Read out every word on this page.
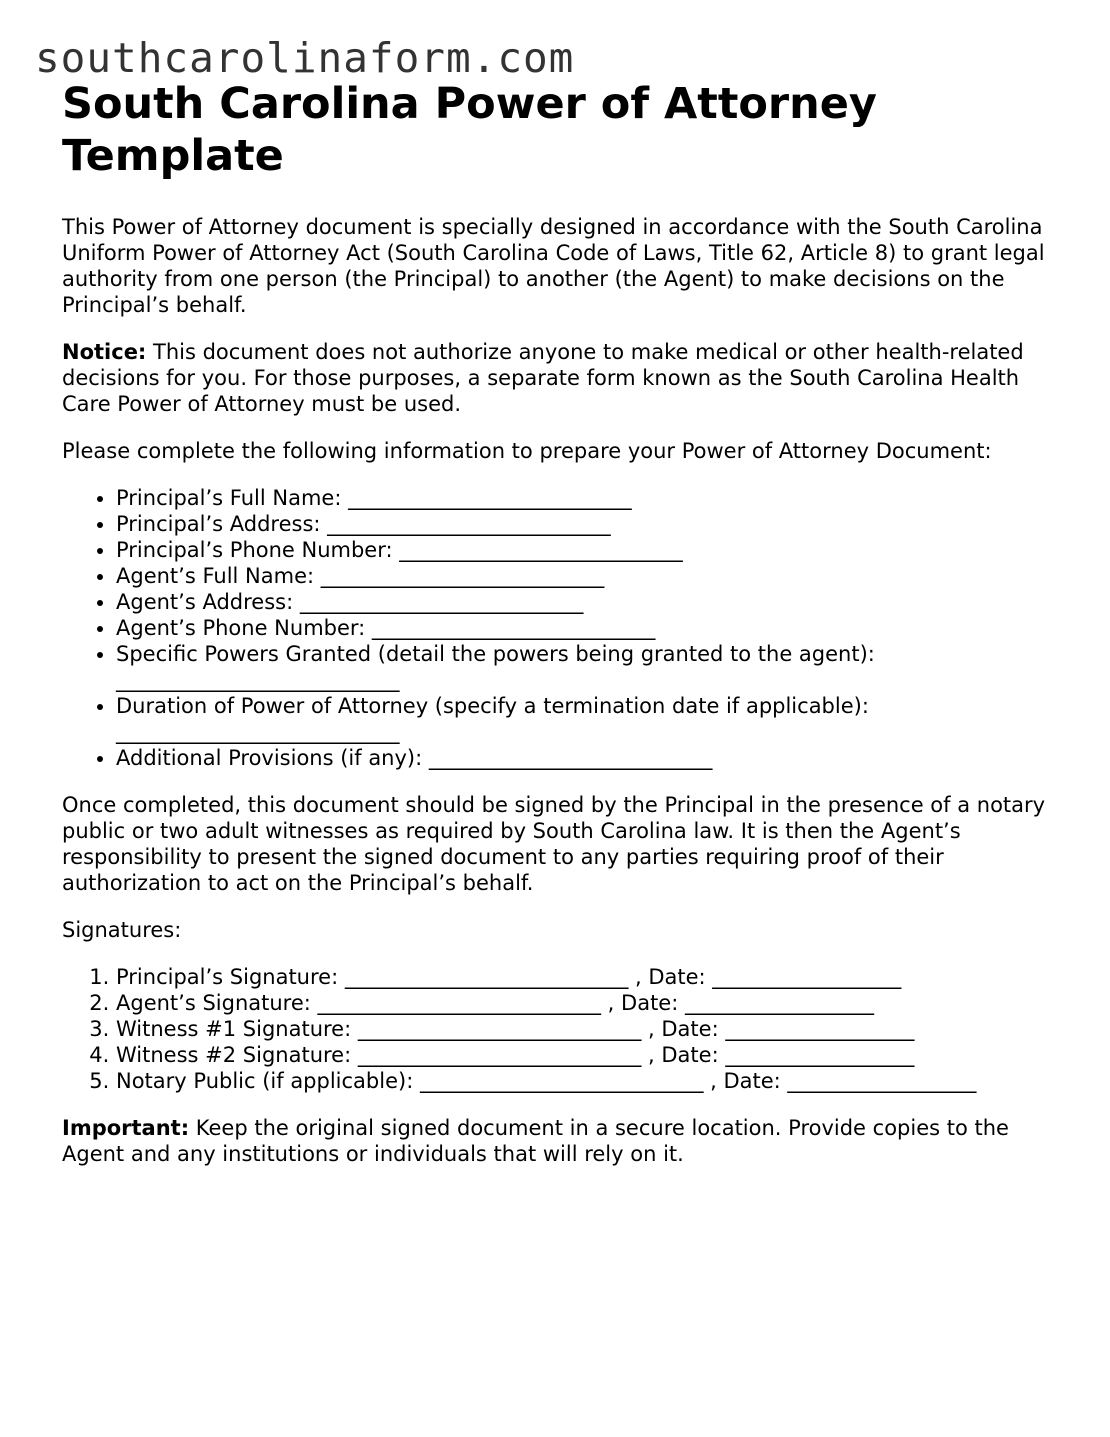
southcarolinaform.com
South Carolina Power of Attorney Template

This Power of Attorney document is specially designed in accordance with the South Carolina Uniform Power of Attorney Act (South Carolina Code of Laws, Title 62, Article 8) to grant legal authority from one person (the Principal) to another (the Agent) to make decisions on the Principal’s behalf.

Notice: This document does not authorize anyone to make medical or other health-related decisions for you. For those purposes, a separate form known as the South Carolina Health Care Power of Attorney must be used.

Please complete the following information to prepare your Power of Attorney Document:

• Principal’s Full Name: ___________________________
• Principal’s Address: ___________________________
• Principal’s Phone Number: ___________________________
• Agent’s Full Name: ___________________________
• Agent’s Address: ___________________________
• Agent’s Phone Number: ___________________________
• Specific Powers Granted (detail the powers being granted to the agent): ___________________________
• Duration of Power of Attorney (specify a termination date if applicable): ___________________________
• Additional Provisions (if any): ___________________________

Once completed, this document should be signed by the Principal in the presence of a notary public or two adult witnesses as required by South Carolina law. It is then the Agent’s responsibility to present the signed document to any parties requiring proof of their authorization to act on the Principal’s behalf.

Signatures:

1. Principal’s Signature: ___________________________ , Date: __________________
2. Agent’s Signature: ___________________________ , Date: __________________
3. Witness #1 Signature: ___________________________ , Date: __________________
4. Witness #2 Signature: ___________________________ , Date: __________________
5. Notary Public (if applicable): ___________________________ , Date: __________________

Important: Keep the original signed document in a secure location. Provide copies to the Agent and any institutions or individuals that will rely on it.
